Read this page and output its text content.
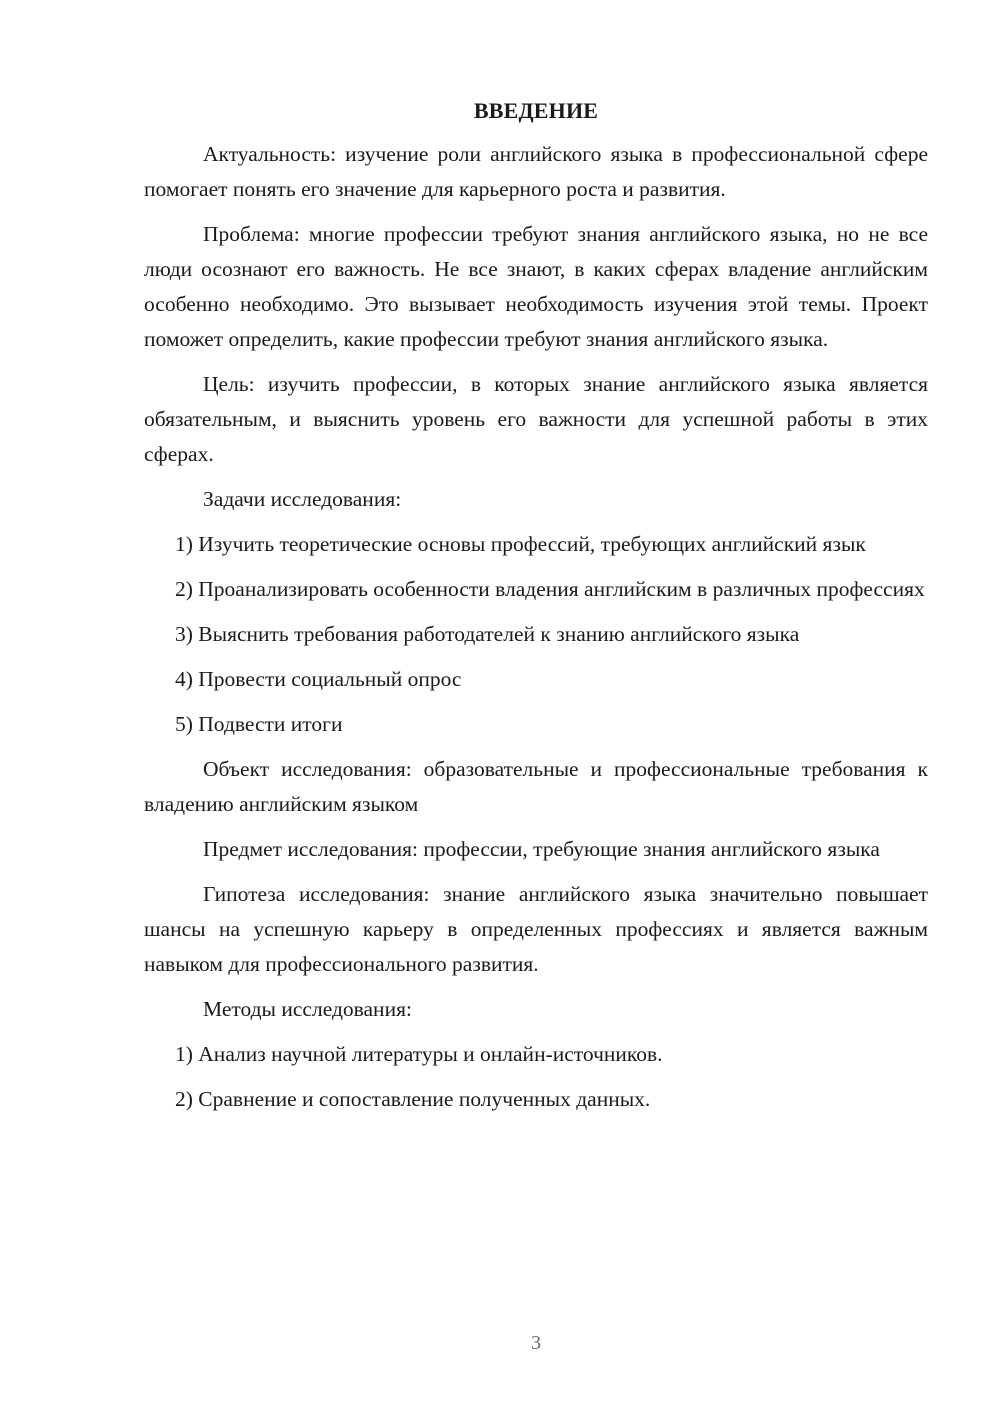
ВВЕДЕНИЕ

Актуальность: изучение роли английского языка в профессиональной сфере помогает понять его значение для карьерного роста и развития.

Проблема: многие профессии требуют знания английского языка, но не все люди осознают его важность. Не все знают, в каких сферах владение английским особенно необходимо. Это вызывает необходимость изучения этой темы. Проект поможет определить, какие профессии требуют знания английского языка.

Цель: изучить профессии, в которых знание английского языка является обязательным, и выяснить уровень его важности для успешной работы в этих сферах.

Задачи исследования:

1) Изучить теоретические основы профессий, требующих английский язык

2) Проанализировать особенности владения английским в различных профессиях

3) Выяснить требования работодателей к знанию английского языка

4) Провести социальный опрос

5) Подвести итоги

Объект исследования: образовательные и профессиональные требования к владению английским языком

Предмет исследования: профессии, требующие знания английского языка

Гипотеза исследования: знание английского языка значительно повышает шансы на успешную карьеру в определенных профессиях и является важным навыком для профессионального развития.

Методы исследования:

1) Анализ научной литературы и онлайн-источников.

2) Сравнение и сопоставление полученных данных.

3
